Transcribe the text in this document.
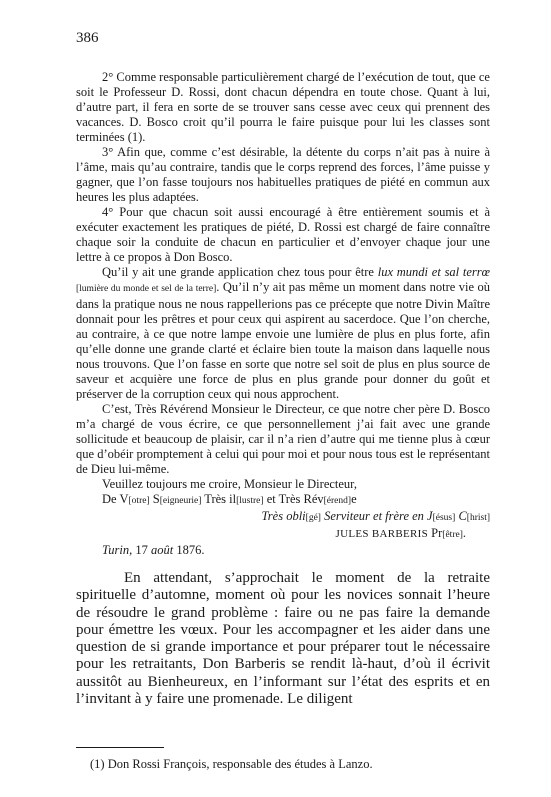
386

2° Comme responsable particulièrement chargé de l’exécution de tout, que ce soit le Professeur D. Rossi, dont chacun dépendra en toute chose. Quant à lui, d’autre part, il fera en sorte de se trouver sans cesse avec ceux qui prennent des vacances. D. Bosco croit qu’il pourra le faire puisque pour lui les classes sont terminées (1).

3° Afin que, comme c’est désirable, la détente du corps n’ait pas à nuire à l’âme, mais qu’au contraire, tandis que le corps reprend des forces, l’âme puisse y gagner, que l’on fasse toujours nos habituelles pratiques de piété en commun aux heures les plus adaptées.

4° Pour que chacun soit aussi encouragé à être entièrement soumis et à exécuter exactement les pratiques de piété, D. Rossi est chargé de faire connaître chaque soir la conduite de chacun en particulier et d’envoyer chaque jour une lettre à ce propos à Don Bosco.

Qu’il y ait une grande application chez tous pour être lux mundi et sal terrœ [lumière du monde et sel de la terre]. Qu’il n’y ait pas même un moment dans notre vie où dans la pratique nous ne nous rappellerions pas ce précepte que notre Divin Maître donnait pour les prêtres et pour ceux qui aspirent au sacerdoce. Que l’on cherche, au contraire, à ce que notre lampe envoie une lumière de plus en plus forte, afin qu’elle donne une grande clarté et éclaire bien toute la maison dans laquelle nous nous trouvons. Que l’on fasse en sorte que notre sel soit de plus en plus source de saveur et acquière une force de plus en plus grande pour donner du goût et préserver de la corruption ceux qui nous approchent.

C’est, Très Révérend Monsieur le Directeur, ce que notre cher père D. Bosco m’a chargé de vous écrire, ce que personnellement j’ai fait avec une grande sollicitude et beaucoup de plaisir, car il n’a rien d’autre qui me tienne plus à cœur que d’obéir promptement à celui qui pour moi et pour nous tous est le représentant de Dieu lui-même.

Veuillez toujours me croire, Monsieur le Directeur,

De V[otre] S[eigneurie] Très il[lustre] et Très Rév[érend]e

Très obli[gé] Serviteur et frère en J[ésus] C[hrist]

JULES BARBERIS Pr[être].

Turin, 17 août 1876.

En attendant, s’approchait le moment de la retraite spirituelle d’automne, moment où pour les novices sonnait l’heure de résoudre le grand problème : faire ou ne pas faire la demande pour émettre les vœux. Pour les accompagner et les aider dans une question de si grande importance et pour préparer tout le nécessaire pour les retraitants, Don Barberis se rendit là-haut, d’où il écrivit aussitôt au Bienheureux, en l’informant sur l’état des esprits et en l’invitant à y faire une promenade. Le diligent

(1) Don Rossi François, responsable des études à Lanzo.
